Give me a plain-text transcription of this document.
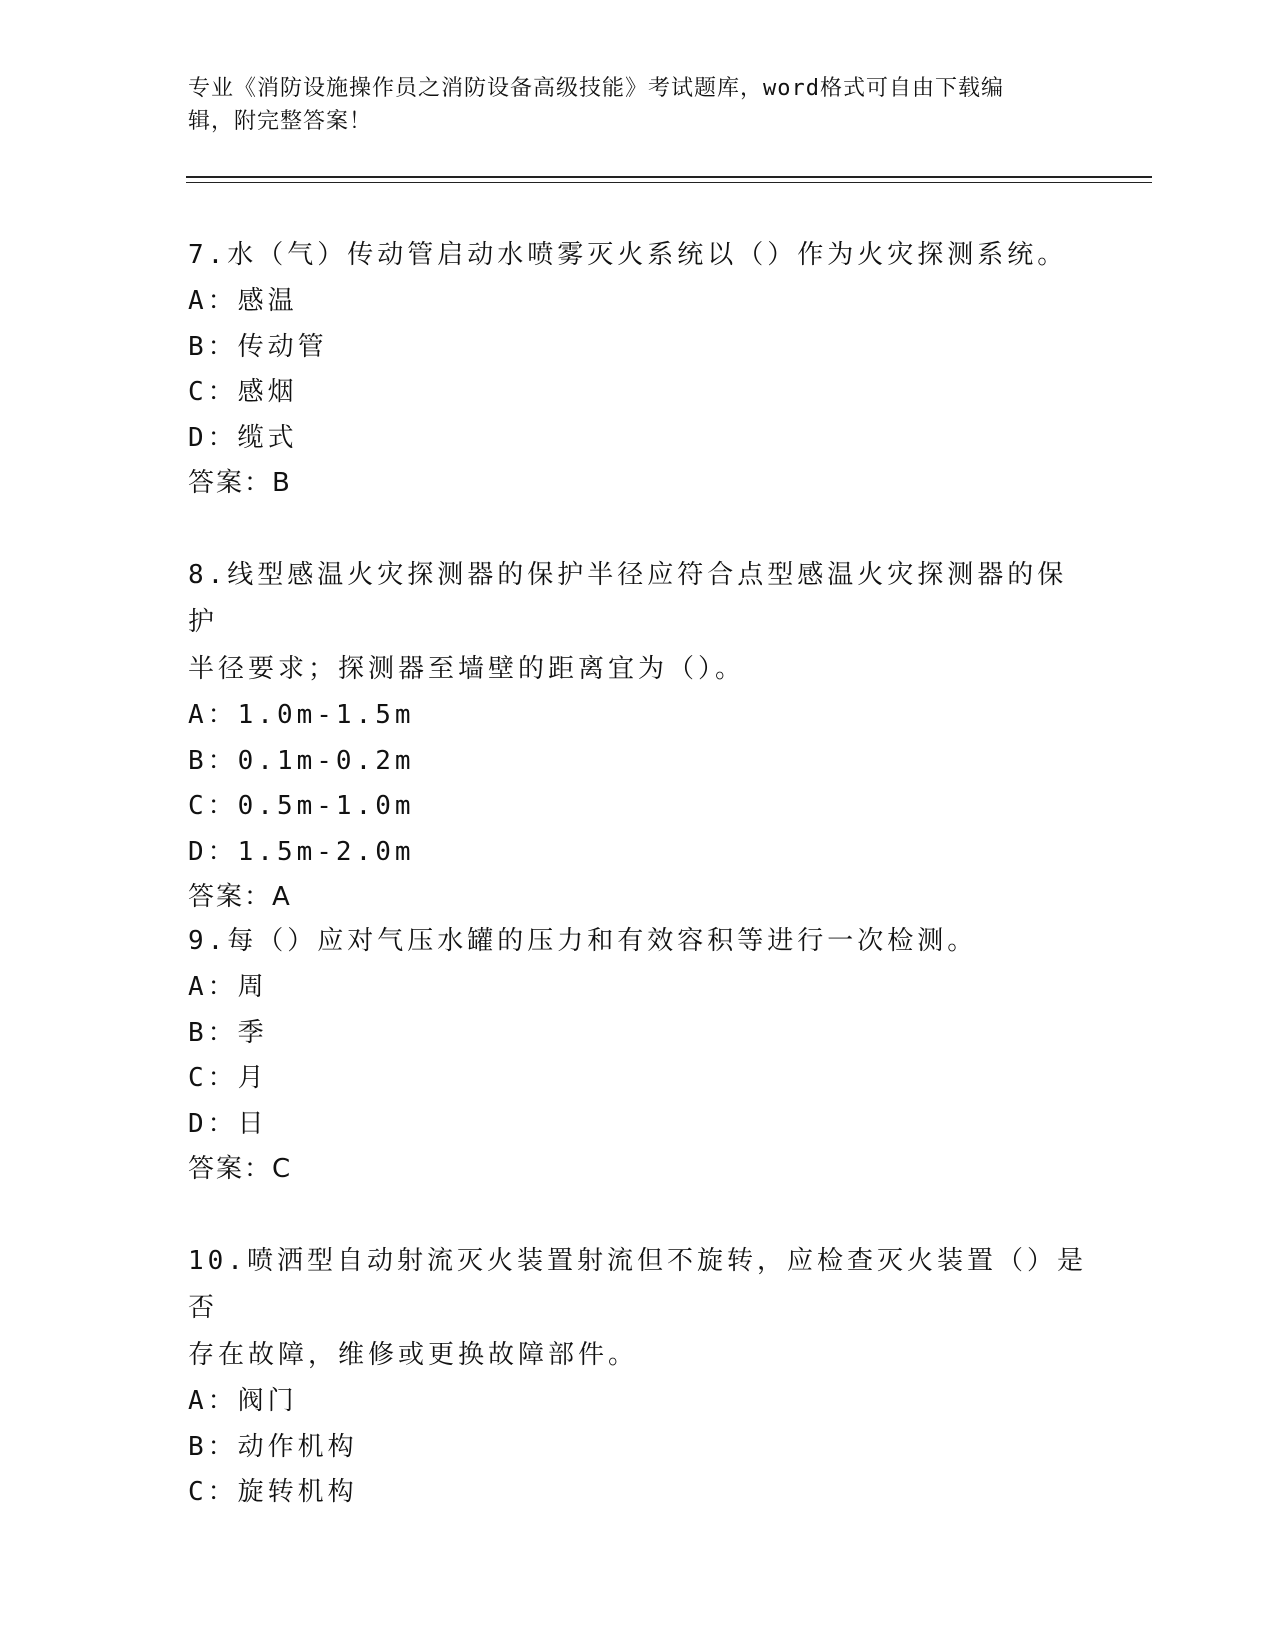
专业《消防设施操作员之消防设备高级技能》考试题库，word格式可自由下载编
辑，附完整答案！

7.水（气）传动管启动水喷雾灭火系统以（）作为火灾探测系统。

A：感温

B：传动管

C：感烟

D：缆式

答案：B

8.线型感温火灾探测器的保护半径应符合点型感温火灾探测器的保护

半径要求；探测器至墙壁的距离宜为（）。

A：1.0m-1.5m

B：0.1m-0.2m

C：0.5m-1.0m

D：1.5m-2.0m

答案：A

9.每（）应对气压水罐的压力和有效容积等进行一次检测。

A：周

B：季

C：月

D：日

答案：C

10.喷洒型自动射流灭火装置射流但不旋转，应检查灭火装置（）是否

存在故障，维修或更换故障部件。

A：阀门

B：动作机构

C：旋转机构
